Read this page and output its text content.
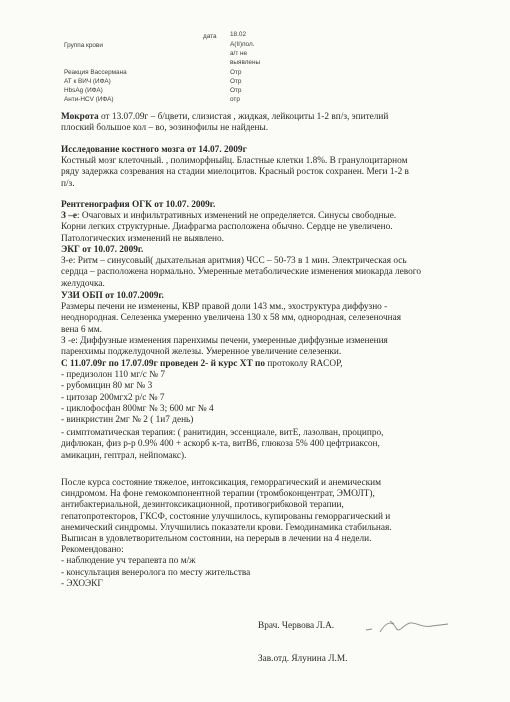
дата 18.02
Группа крови	А(II)пол.
а/т не
выявлены
Реакция Вассермана	Отр
АТ к ВИЧ (ИФА)	Отр
HbsAg (ИФА)	Отр
Анти-HCV (ИФА)	отр

Мокрота от 13.07.09г – б/цвети, слизистая , жидкая, лейкоциты 1-2 вп/з, эпителий

плоский большое кол – во, эозинофилы не найдены.

Исследование костного мозга от 14.07. 2009г

Костный мозг клеточный. , полиморфныйц. Бластные клетки 1.8%. В гранулоцитарном

ряду задержка созревания на стадии миелоцитов. Красный росток сохранен. Меги 1-2 в

п/з.

Рентгенография ОГК от 10.07. 2009г.

З –е: Очаговых и инфильтративных изменений не определяется. Синусы свободные.

Корни легких структурные. Диафрагма расположена обычно. Сердце не увеличено.

Патологических изменений не выявлено.

ЭКГ от 10.07. 2009г.

З-е: Ритм – синусовый( дыхательная аритмия) ЧСС – 50-73 в 1 мин. Электрическая ось

сердца – расположена нормально. Умеренные метаболические изменения миокарда левого

желудочка.

УЗИ ОБП от 10.07.2009г.

Размеры печени не изменены, КВР правой доли 143 мм., эхоструктура диффузно -

неоднородная. Селезенка умеренно увеличена 130 х 58 мм, однородная, селезеночная

вена 6 мм.

З -е: Диффузные изменения паренхимы печени, умеренные диффузные изменения

паренхимы поджелудочной железы. Умеренное увеличение селезенки.

С 11.07.09г по 17.07.09г проведен 2- й курс ХТ по протоколу RACOP,

- предизолон 110 мг/с № 7

- рубомицин 80 мг № 3

- цитозар 200мгх2 р/с № 7

- циклофосфан 800мг № 3; 600 мг № 4

- винкристин 2мг № 2 ( 1и7 день)

- симптоматическая терапия: ( ранитидин, эссенциале, витЕ, лазолван, проципро,

дифлюкан, физ р-р 0.9% 400 + аскорб к-та, витВ6, глюкоза 5% 400 цефтриаксон,

амикацин, гептрал, нейпомакс).

После курса состояние тяжелое, интоксикация, геморрагический и анемическим

синдромом. На фоне гемокомпонентной терапии (тромбоконцентрат, ЭМОЛТ),

антибактериальной, дезинтоксикационной, противогрибковой терапии,

гепатопротекторов, ГКСФ, состояние улучшилось, купированы геморрагический и

анемический синдромы. Улучшились показатели крови. Гемодинамика стабильная.

Выписан в удовлетворительном состоянии, на перерыв в лечении на 4 недели.

Рекомендовано:

- наблюдение уч терапевта по м/ж

- консультация венеролога по месту жительства

- ЭХОЭКГ

Врач. Червова Л.А.
Зав.отд. Ялунина Л.М.
